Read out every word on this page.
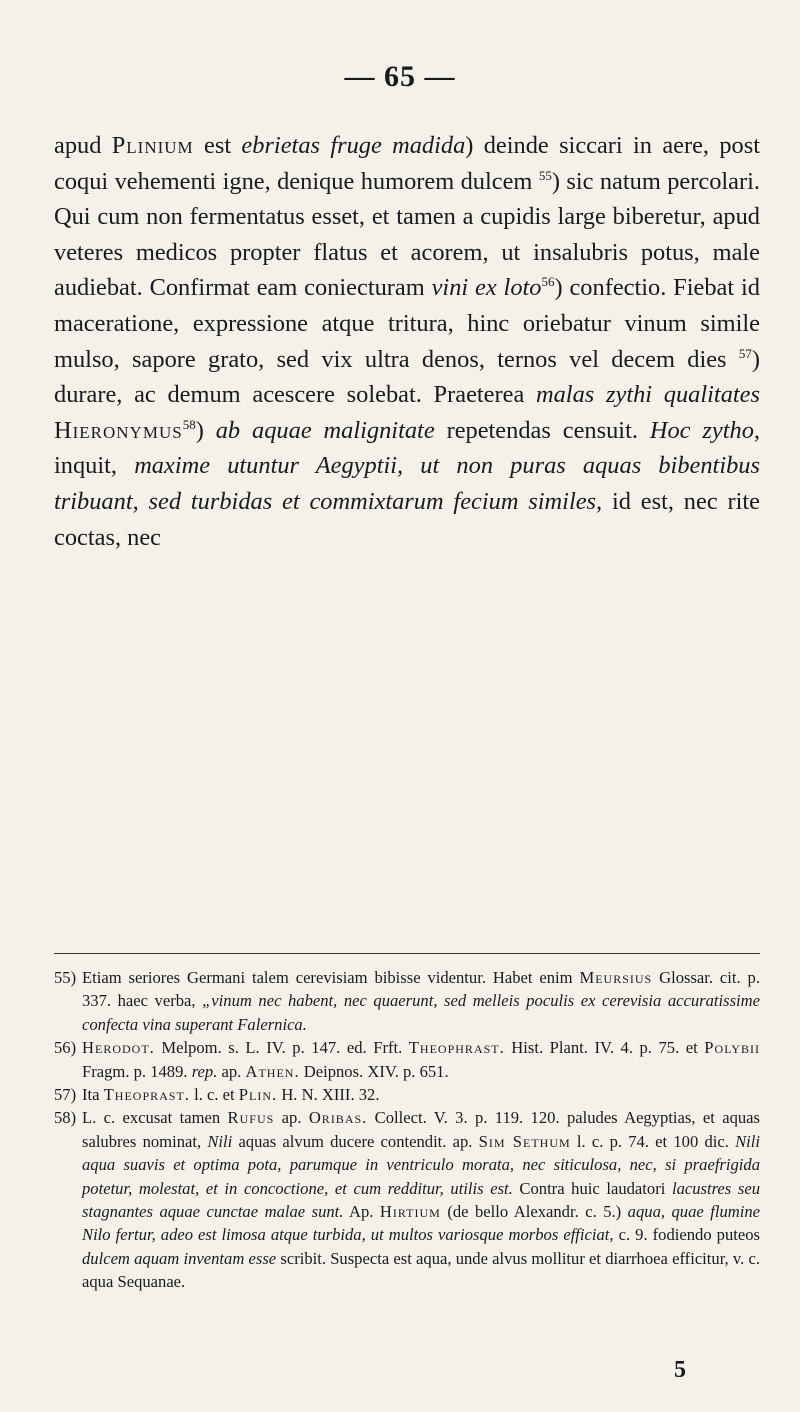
— 65 —

apud Plinium est ebrietas fruge madida) deinde siccari in aere, post coqui vehementi igne, denique humorem dulcem $^{55}$) sic natum percolari. Qui cum non fermentatus esset, et tamen a cupidis large biberetur, apud veteres medicos propter flatus et acorem, ut insalubris potus, male audiebat. Confirmat eam coniecturam vini ex loto$^{56}$) confectio. Fiebat id maceratione, expressione atque tritura, hinc oriebatur vinum simile mulso, sapore grato, sed vix ultra denos, ternos vel decem dies $^{57}$) durare, ac demum acescere solebat. Praeterea malas zythi qualitates Hieronymus$^{58}$) ab aquae malignitate repetendas censuit. Hoc zytho, inquit, maxime utuntur Aegyptii, ut non puras aquas bibentibus tribuant, sed turbidas et commixtarum fecium similes, id est, nec rite coctas, nec

55) Etiam seriores Germani talem cerevisiam bibisse videntur. Habet enim Meursius Glossar. cit. p. 337. haec verba, „vinum nec habent, nec quaerunt, sed melleis poculis ex cerevisia accuratissime confecta vina superant Falernica.

56) Herodot. Melpom. s. L. IV. p. 147. ed. Frft. Theophrast. Hist. Plant. IV. 4. p. 75. et Polybii Fragm. p. 1489. rep. ap. Athen. Deipnos. XIV. p. 651.

57) Ita Theoprast. l. c. et Plin. H. N. XIII. 32.

58) L. c. excusat tamen Rufus ap. Oribas. Collect. V. 3. p. 119. 120. paludes Aegyptias, et aquas salubres nominat, Nili aquas alvum ducere contendit. ap. Sim Sethum l. c. p. 74. et 100 dic. Nili aqua suavis et optima pota, parumque in ventriculo morata, nec siticulosa, nec, si praefrigida potetur, molestat, et in concoctione, et cum redditur, utilis est. Contra huic laudatori lacustres seu stagnantes aquae cunctae malae sunt. Ap. Hirtium (de bello Alexandr. c. 5.) aqua, quae flumine Nilo fertur, adeo est limosa atque turbida, ut multos variosque morbos efficiat, c. 9. fodiendo puteos dulcem aquam inventam esse scribit. Suspecta est aqua, unde alvus mollitur et diarrhoea efficitur, v. c. aqua Sequanae.

5
